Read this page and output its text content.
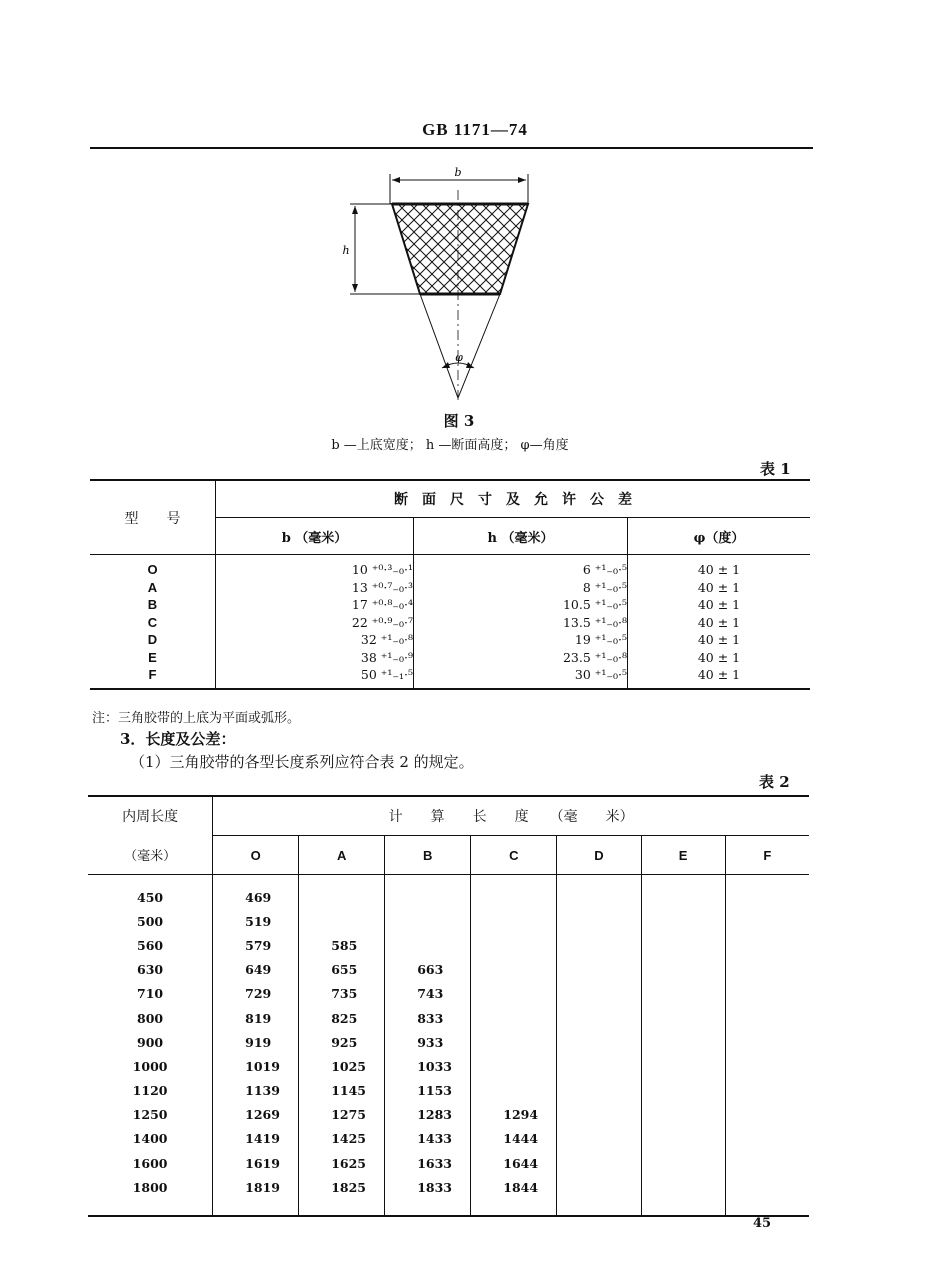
GB 1171—74
b
h
φ
图 3
b —上底宽度； h —断面高度； φ—角度
表 1
型　　号	断　面　尺　寸　及　允　许　公　差		
	b （毫米）	h （毫米）	φ（度）

O	10 ⁺⁰·³₋₀·¹	6 ⁺¹₋₀·⁵	40 ± 1
A	13 ⁺⁰·⁷₋₀·³	8 ⁺¹₋₀·⁵	40 ± 1
B	17 ⁺⁰·⁸₋₀·⁴	10.5 ⁺¹₋₀·⁵	40 ± 1
C	22 ⁺⁰·⁹₋₀·⁷	13.5 ⁺¹₋₀·⁸	40 ± 1
D	32 ⁺¹₋₀·⁸	19 ⁺¹₋₀·⁵	40 ± 1
E	38 ⁺¹₋₀·⁹	23.5 ⁺¹₋₀·⁸	40 ± 1
F	50 ⁺¹₋₁·⁵	30 ⁺¹₋₀·⁵	40 ± 1

注：三角胶带的上底为平面或弧形。
3．长度及公差：
（1）三角胶带的各型长度系列应符合表 2 的规定。
表 2
内周长度	计　　算　　长　　度　　（毫　　米）						
（毫米）	O	A	B	C	D	E	F

450	469						
500	519						
560	579	585					
630	649	655	663				
710	729	735	743				
800	819	825	833				
900	919	925	933				
1000	1019	1025	1033				
1120	1139	1145	1153				
1250	1269	1275	1283	1294			
1400	1419	1425	1433	1444			
1600	1619	1625	1633	1644			
1800	1819	1825	1833	1844			

45
